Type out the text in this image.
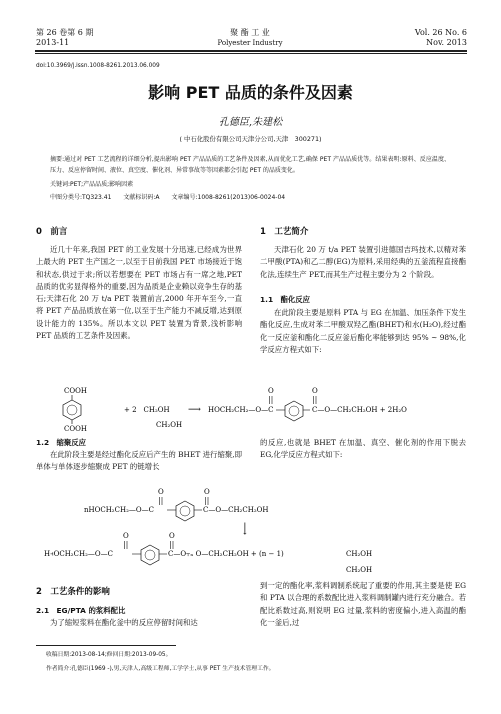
第 26 卷第 6 期
2013-11
聚 酯 工 业
Polyester Industry
Vol. 26 No. 6
Nov. 2013
doi:10.3969/j.issn.1008-8261.2013.06.009
影响 PET 品质的条件及因素
孔德臣,朱建松
( 中石化股份有限公司天津分公司,天津　300271)
摘要:通过对 PET 工艺流程的详细分析,提出影响 PET 产品品质的工艺条件及因素,从而优化工艺,确保 PET 产品品质优等。结果表明:原料、反应温度、压力、反应停留时间、液位、真空度、催化剂、异常事故等等因素都会引起 PET 的品质变化。
关键词:PET;产品品质;影响因素
中图分类号:TQ323.41　　文献标识码:A　　文章编号:1008-8261(2013)06-0024-04
0　前言

近几十年来,我国 PET 的工业发展十分迅速,已经成为世界上最大的 PET 生产国之一,以至于目前我国 PET 市场接近于饱和状态,供过于求;所以若想要在 PET 市场占有一席之地,PET 品质的优劣显得格外的重要,因为品质是企业赖以竞争生存的基石;天津石化 20 万 t/a PET 装置前言,2000 年开车至今,一直将 PET 产品品质放在第一位,以至于生产能力不减反增,达到原设计能力的 135%。所以本文以 PET 装置为背景,浅析影响 PET 品质的工艺条件及因素。

1　工艺简介

天津石化 20 万 t/a PET 装置引进德国吉玛技术,以精对苯二甲酸(PTA)和乙二醇(EG)为原料,采用经典的五釜流程直接酯化法,连续生产 PET,而其生产过程主要分为 2 个阶段。

1.1　酯化反应

在此阶段主要是原料 PTA 与 EG 在加温、加压条件下发生酯化反应,生成对苯二甲酸双羟乙酯(BHET)和水(H₂O),经过酯化一反应釜和酯化二反应釜后酯化率能够到达 95% ~ 98%,化学反应方程式如下:

COOH
COOH
+ 2　CH₂OH
CH₂OH
⟶ HOCH₂CH₂—O—C
O	O
C—O—CH₂CH₂OH + 2H₂O
1.2　缩聚反应

在此阶段主要是经过酯化反应后产生的 BHET 进行缩聚,即单体与单体逐步缩聚成 PET 的链增长

的反应,也就是 BHET 在加温、真空、催化剂的作用下脱去 EG,化学反应方程式如下:

nHOCH₂CH₂—O—C
O	O
C—O—CH₂CH₂OH
⟶
H⫞OCH₂CH₂—O—C
O	O
C—O⫟ₙ O—CH₂CH₂OH + (n − 1)	CH₂OH
CH₂OH
2　工艺条件的影响
2.1　EG/PTA 的浆料配比

为了缩短浆料在酯化釜中的反应停留时间和达

到一定的酯化率,浆料调制系统起了重要的作用,其主要是使 EG 和 PTA 以合理的系数配比进入浆料调制罐内进行充分融合。若配比系数过高,则说明 EG 过量,浆料的密度偏小,进入高温的酯化一釜后,过

收稿日期:2013-08-14;修回日期:2013-09-05。
作者简介:孔德臣(1969 -),男,天津人,高级工程师,工学学士,从事 PET 生产技术管理工作。
